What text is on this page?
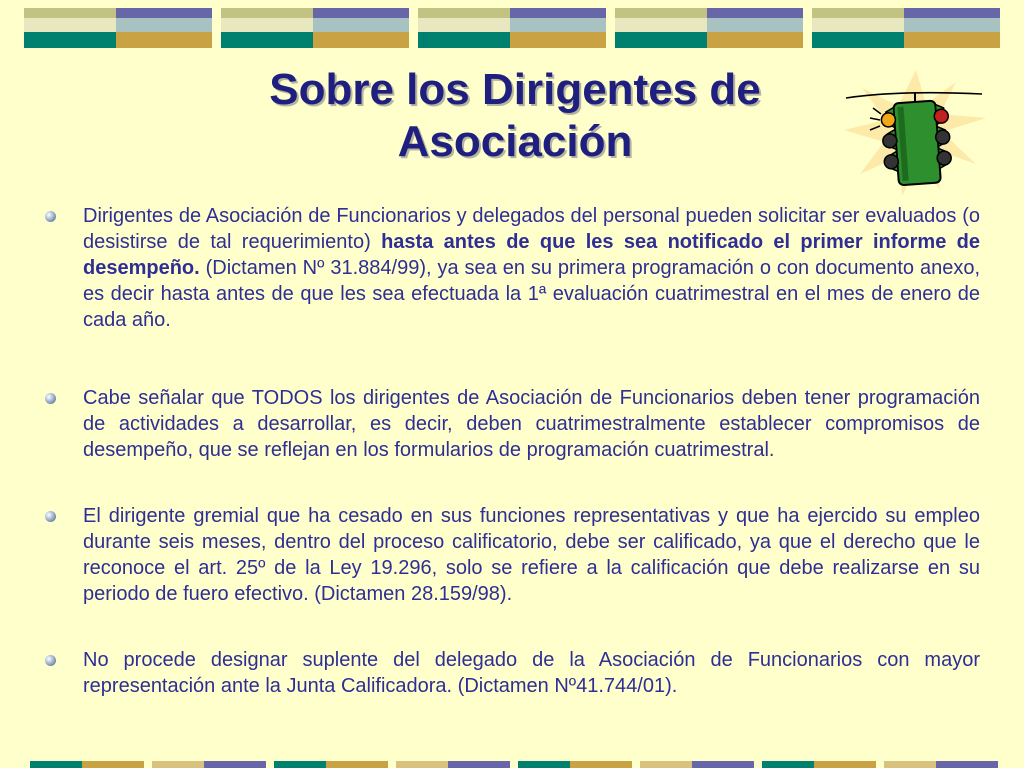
Sobre los Dirigentes de
Asociación
Dirigentes de Asociación de Funcionarios y delegados del personal pueden solicitar ser evaluados (o desistirse de tal requerimiento) hasta antes de que les sea notificado el primer informe de desempeño. (Dictamen Nº 31.884/99), ya sea en su primera programación o con documento anexo, es decir hasta antes de que les sea efectuada la 1ª evaluación cuatrimestral en el mes de enero de cada año.
Cabe señalar que TODOS los dirigentes de Asociación de Funcionarios deben tener programación de actividades a desarrollar, es decir, deben cuatrimestralmente establecer compromisos de desempeño, que se reflejan en los formularios de programación cuatrimestral.
El dirigente gremial que ha cesado en sus funciones representativas y que ha ejercido su empleo durante seis meses, dentro del proceso calificatorio, debe ser calificado, ya que el derecho que le reconoce el art. 25º de la Ley 19.296, solo se refiere a la calificación que debe realizarse en su periodo de fuero efectivo. (Dictamen 28.159/98).
No procede designar suplente del delegado de la Asociación de Funcionarios con mayor representación ante la Junta Calificadora. (Dictamen Nº41.744/01).
